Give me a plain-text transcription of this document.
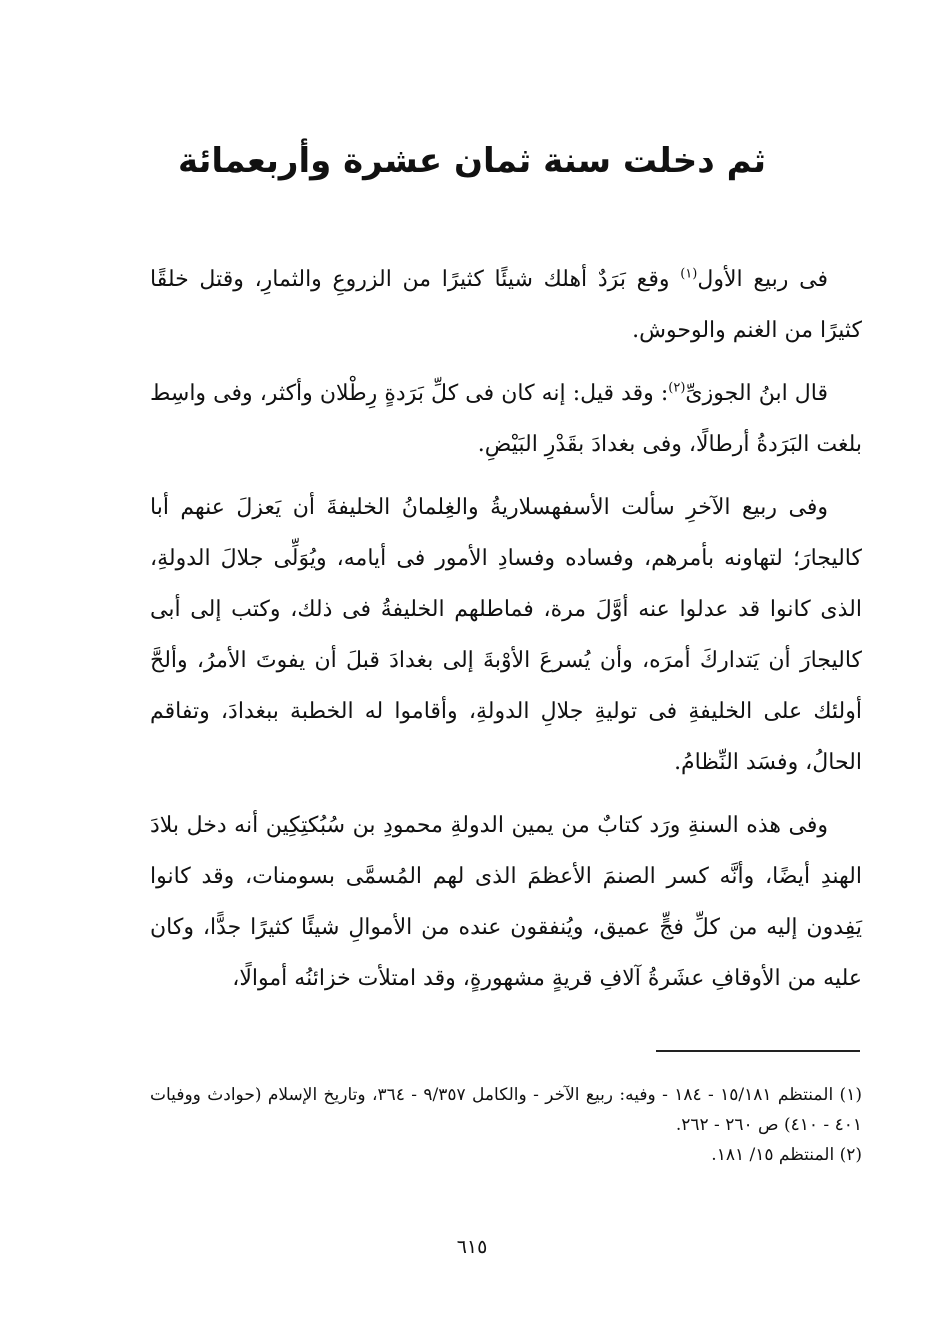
ثم دخلت سنة ثمان عشرة وأربعمائة

فى ربيع الأول$^{(١)}$ وقع بَرَدٌ أهلك شيئًا كثيرًا من الزروعِ والثمارِ، وقتل خلقًا كثيرًا من الغنم والوحوش.

قال ابنُ الجوزىِّ$^{(٢)}$: وقد قيل: إنه كان فى كلِّ بَرَدةٍ رِطْلان وأكثر، وفى واسِط بلغت البَرَدةُ أرطالًا، وفى بغدادَ بقَدْرِ البَيْضِ.

وفى ربيع الآخرِ سألت الأسفهسلاريةُ والغِلمانُ الخليفةَ أن يَعزلَ عنهم أبا كاليجارَ؛ لتهاونه بأمرهم، وفساده وفسادِ الأمور فى أيامه، ويُوَلِّى جلالَ الدولةِ، الذى كانوا قد عدلوا عنه أوَّلَ مرة، فماطلهم الخليفةُ فى ذلك، وكتب إلى أبى كاليجارَ أن يَتداركَ أمرَه، وأن يُسرعَ الأوْبةَ إلى بغدادَ قبلَ أن يفوتَ الأمرُ، وألحَّ أولئك على الخليفةِ فى توليةِ جلالِ الدولةِ، وأقاموا له الخطبة ببغدادَ، وتفاقم الحالُ، وفسَد النِّظامُ.

وفى هذه السنةِ ورَد كتابٌ من يمين الدولةِ محمودِ بن سُبُكتِكِين أنه دخل بلادَ الهندِ أيضًا، وأنَّه كسر الصنمَ الأعظمَ الذى لهم المُسمَّى بسومنات، وقد كانوا يَفِدون إليه من كلِّ فجٍّ عميق، ويُنفقون عنده من الأموالِ شيئًا كثيرًا جدًّا، وكان عليه من الأوقافِ عشَرةُ آلافِ قريةٍ مشهورةٍ، وقد امتلأت خزائنُه أموالًا،

(١) المنتظم ١٥/١٨١ - ١٨٤ - وفيه: ربيع الآخر - والكامل ٩/٣٥٧ - ٣٦٤، وتاريخ الإسلام (حوادث ووفيات ٤٠١ - ٤١٠) ص ٢٦٠ - ٢٦٢.

(٢) المنتظم ١٥/ ١٨١.

٦١٥
